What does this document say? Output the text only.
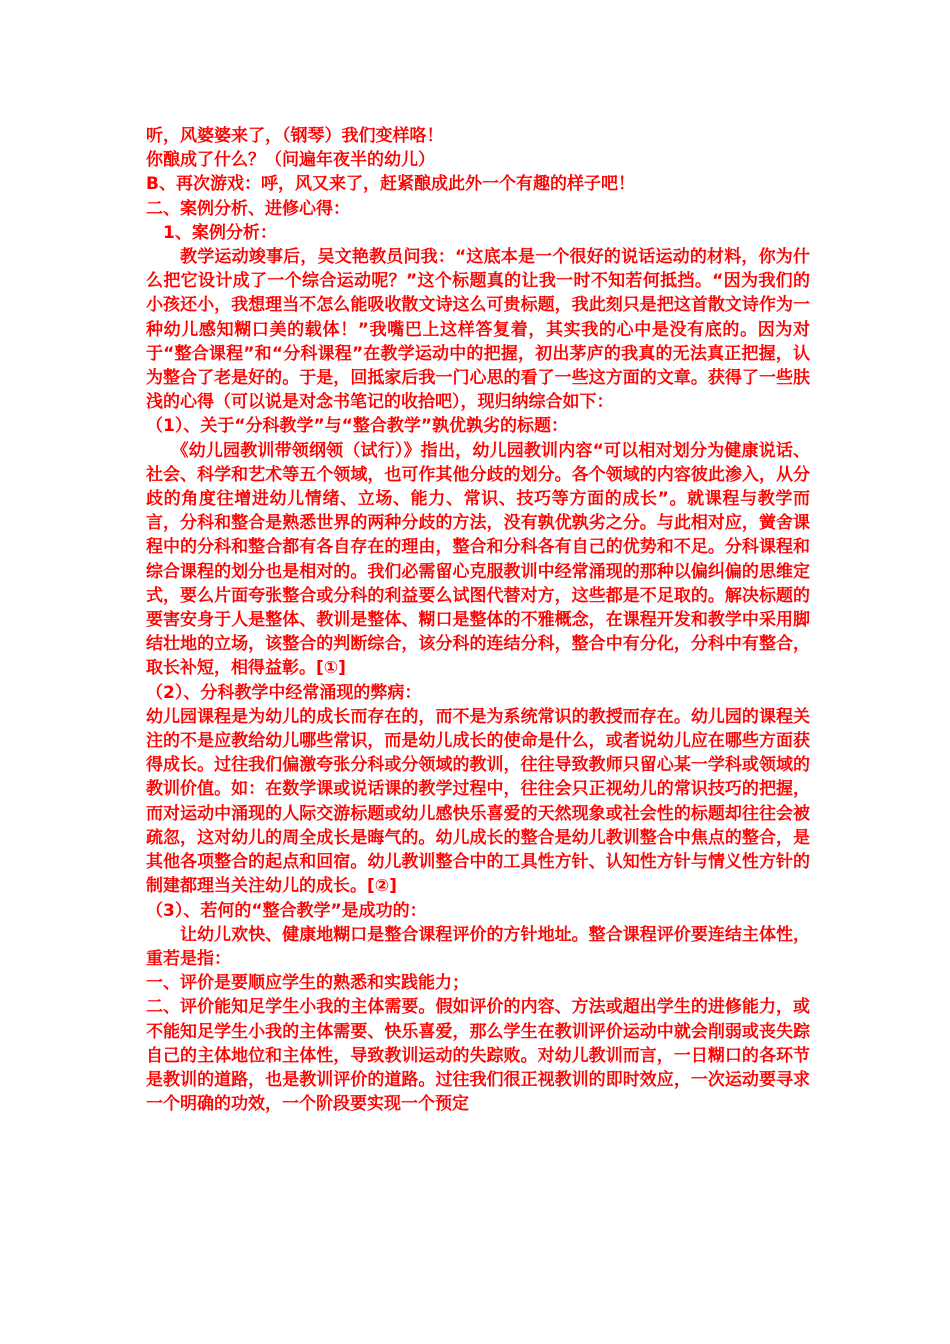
听，风婆婆来了，（钢琴）我们变样咯！

你酿成了什么？（问遍年夜半的幼儿）

B、再次游戏：呼，风又来了，赶紧酿成此外一个有趣的样子吧！

二、案例分析、进修心得：

1、案例分析：

教学运动竣事后，吴文艳教员问我：“这底本是一个很好的说话运动的材料，你为什么把它设计成了一个综合运动呢？”这个标题真的让我一时不知若何抵挡。“因为我们的小孩还小，我想理当不怎么能吸收散文诗这么可贵标题，我此刻只是把这首散文诗作为一种幼儿感知糊口美的载体！”我嘴巴上这样答复着，其实我的心中是没有底的。因为对于“整合课程”和“分科课程”在教学运动中的把握，初出茅庐的我真的无法真正把握，认为整合了老是好的。于是，回抵家后我一门心思的看了一些这方面的文章。获得了一些肤浅的心得（可以说是对念书笔记的收拾吧），现归纳综合如下：

（1）、关于“分科教学”与“整合教学”孰优孰劣的标题：

《幼儿园教训带领纲领（试行）》指出，幼儿园教训内容“可以相对划分为健康说话、社会、科学和艺术等五个领域，也可作其他分歧的划分。各个领域的内容彼此渗入，从分歧的角度往增进幼儿情绪、立场、能力、常识、技巧等方面的成长”。就课程与教学而言，分科和整合是熟悉世界的两种分歧的方法，没有孰优孰劣之分。与此相对应，黉舍课程中的分科和整合都有各自存在的理由，整合和分科各有自己的优势和不足。分科课程和综合课程的划分也是相对的。我们必需留心克服教训中经常涌现的那种以偏纠偏的思维定式，要么片面夸张整合或分科的利益要么试图代替对方，这些都是不足取的。解决标题的要害安身于人是整体、教训是整体、糊口是整体的不雅概念，在课程开发和教学中采用脚结壮地的立场，该整合的判断综合，该分科的连结分科，整合中有分化，分科中有整合，取长补短，相得益彰。[①]

（2）、分科教学中经常涌现的弊病：

幼儿园课程是为幼儿的成长而存在的，而不是为系统常识的教授而存在。幼儿园的课程关注的不是应教给幼儿哪些常识，而是幼儿成长的使命是什么，或者说幼儿应在哪些方面获得成长。过往我们偏激夸张分科或分领域的教训，往往导致教师只留心某一学科或领域的教训价值。如：在数学课或说话课的教学过程中，往往会只正视幼儿的常识技巧的把握，而对运动中涌现的人际交游标题或幼儿感快乐喜爱的天然现象或社会性的标题却往往会被疏忽，这对幼儿的周全成长是晦气的。幼儿成长的整合是幼儿教训整合中焦点的整合，是其他各项整合的起点和回宿。幼儿教训整合中的工具性方针、认知性方针与情义性方针的制建都理当关注幼儿的成长。[②]

（3）、若何的“整合教学”是成功的：

让幼儿欢快、健康地糊口是整合课程评价的方针地址。整合课程评价要连结主体性，重若是指：

一、评价是要顺应学生的熟悉和实践能力；

二、评价能知足学生小我的主体需要。假如评价的内容、方法或超出学生的进修能力，或不能知足学生小我的主体需要、快乐喜爱，那么学生在教训评价运动中就会削弱或丧失踪自己的主体地位和主体性，导致教训运动的失踪败。对幼儿教训而言，一日糊口的各环节是教训的道路，也是教训评价的道路。过往我们很正视教训的即时效应，一次运动要寻求一个明确的功效，一个阶段要实现一个预定
